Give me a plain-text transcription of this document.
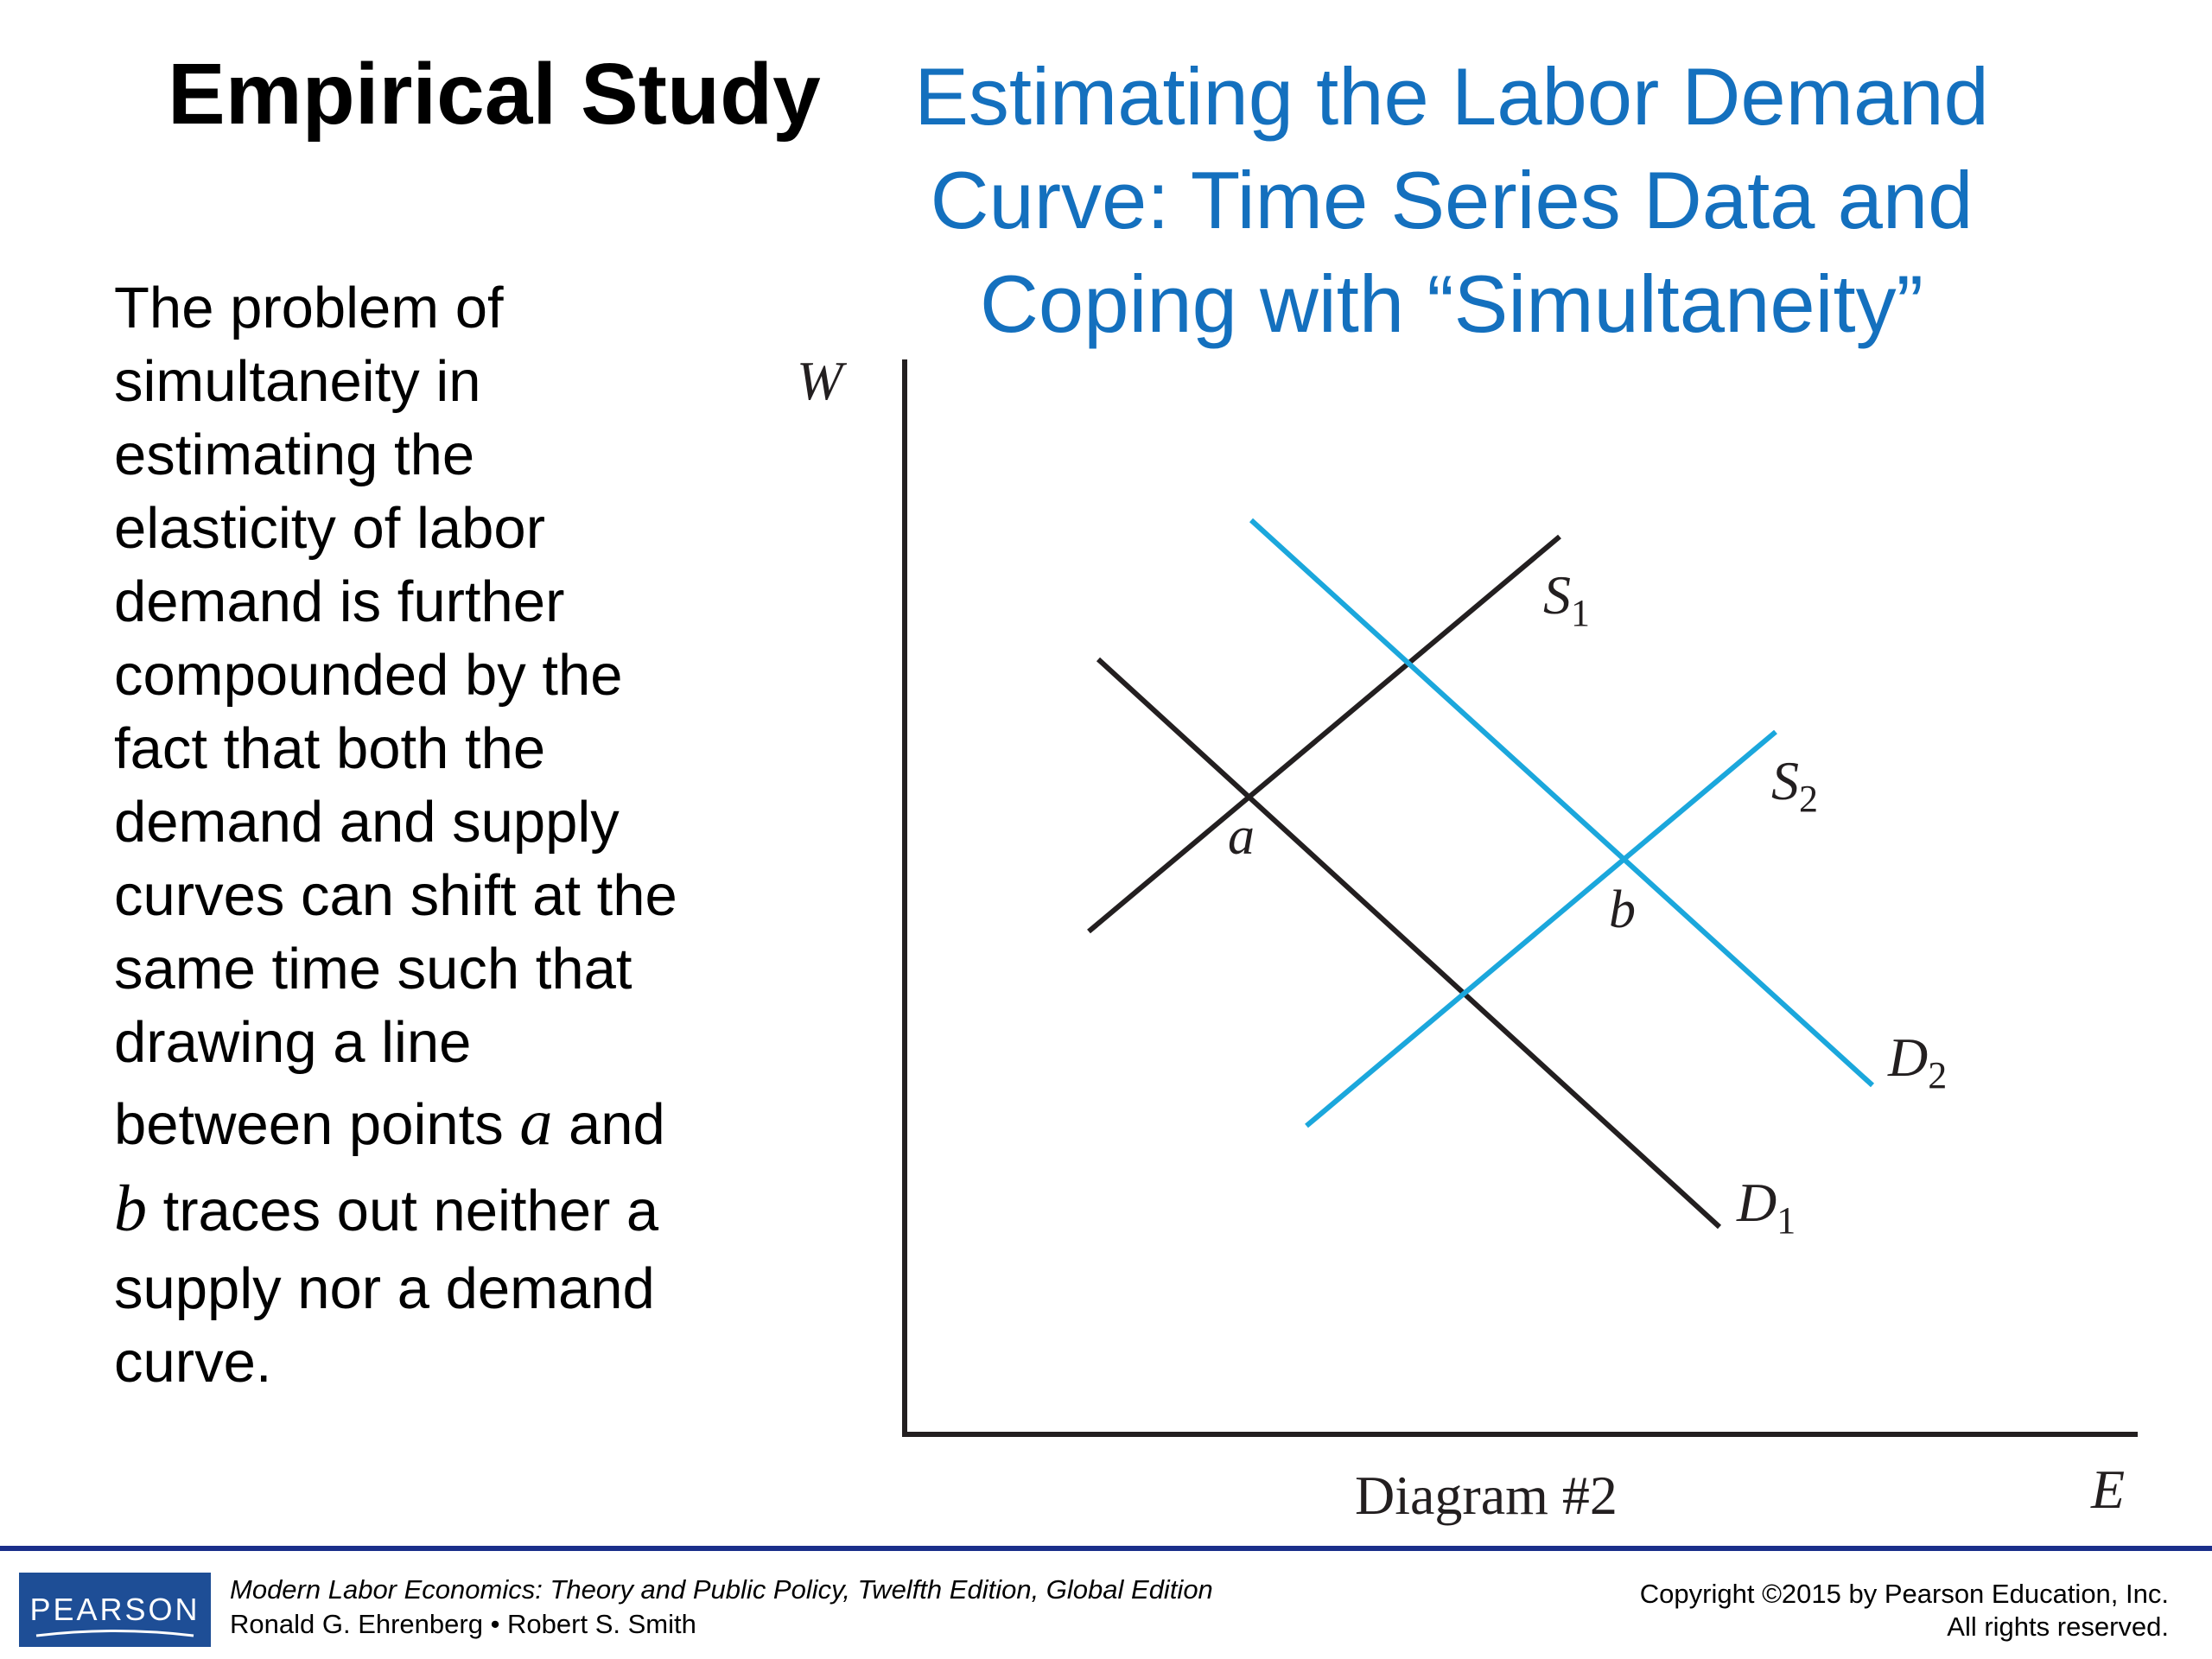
Empirical Study	Estimating the Labor Demand
Curve: Time Series Data and
Coping with “Simultaneity”
The problem of
simultaneity in
estimating the
elasticity of labor
demand is further
compounded by the
fact that both the
demand and supply
curves can shift at the
same time such that
drawing a line
between points a and
b traces out neither a
supply nor a demand
curve.
W
E
$S_1$
$S_2$
$D_2$
$D_1$
a
b
Diagram #2
PEARSON
Modern Labor Economics: Theory and Public Policy, Twelfth Edition, Global Edition
Ronald G. Ehrenberg • Robert S. Smith
Copyright ©2015 by Pearson Education, Inc.
All rights reserved.
